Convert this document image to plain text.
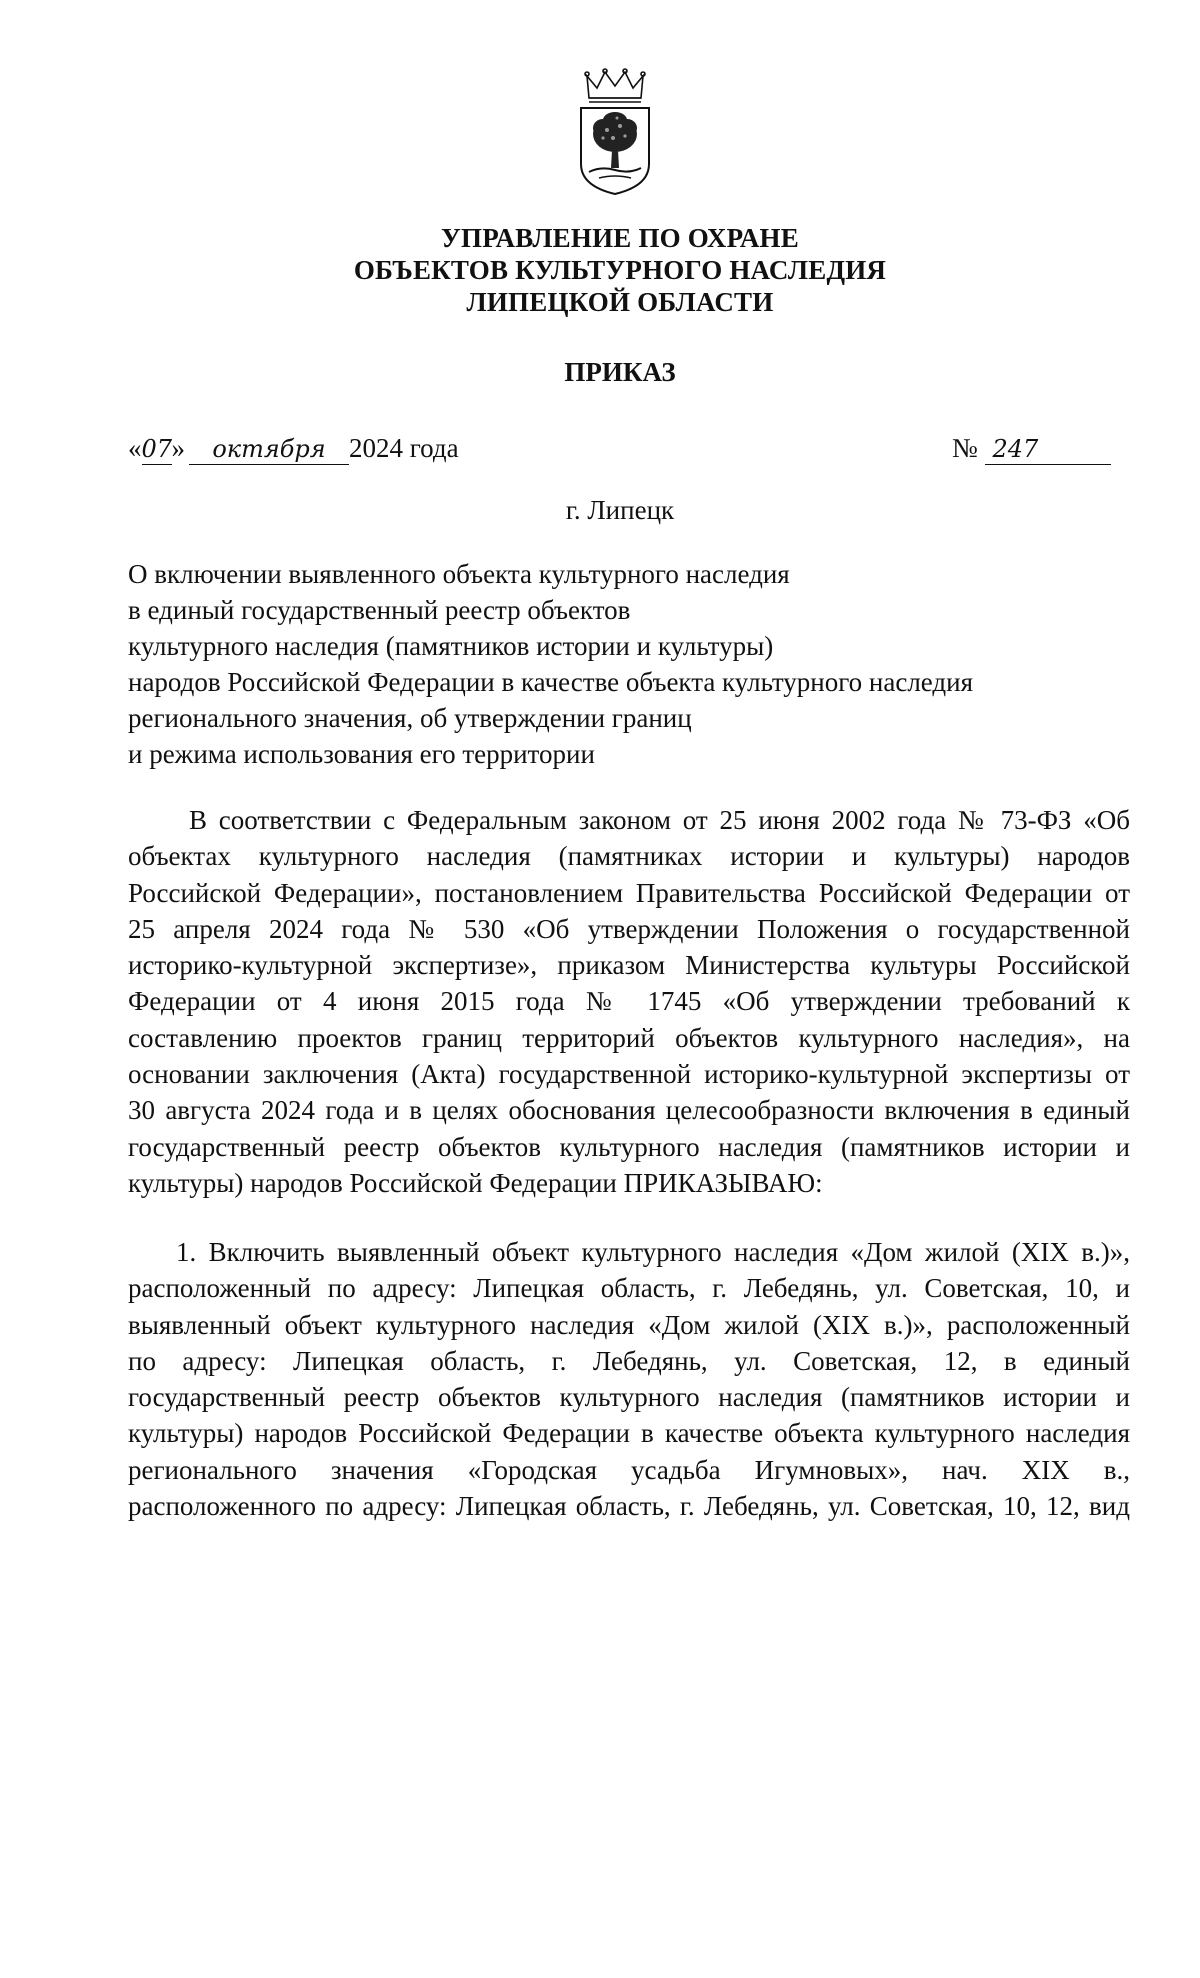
УПРАВЛЕНИЕ ПО ОХРАНЕ
ОБЪЕКТОВ КУЛЬТУРНОГО НАСЛЕДИЯ
ЛИПЕЦКОЙ ОБЛАСТИ
ПРИКАЗ
«07» октября 2024 года	№ 247
г. Липецк
О включении выявленного объекта культурного наследия
в единый государственный реестр объектов
культурного наследия (памятников истории и культуры)
народов Российской Федерации в качестве объекта культурного наследия
регионального значения, об утверждении границ
и режима использования его территории

В соответствии с Федеральным законом от 25 июня 2002 года № 73-ФЗ «Об
объектах культурного наследия (памятниках истории и культуры) народов
Российской Федерации», постановлением Правительства Российской Федерации от
25 апреля 2024 года № 530 «Об утверждении Положения о государственной
историко-культурной экспертизе», приказом Министерства культуры Российской
Федерации от 4 июня 2015 года № 1745 «Об утверждении требований к
составлению проектов границ территорий объектов культурного наследия», на
основании заключения (Акта) государственной историко-культурной экспертизы от
30 августа 2024 года и в целях обоснования целесообразности включения в единый
государственный реестр объектов культурного наследия (памятников истории и
культуры) народов Российской Федерации ПРИКАЗЫВАЮ:

1. Включить выявленный объект культурного наследия «Дом жилой (XIX в.)»,
расположенный по адресу: Липецкая область, г. Лебедянь, ул. Советская, 10, и
выявленный объект культурного наследия «Дом жилой (XIX в.)», расположенный
по адресу: Липецкая область, г. Лебедянь, ул. Советская, 12, в единый
государственный реестр объектов культурного наследия (памятников истории и
культуры) народов Российской Федерации в качестве объекта культурного наследия
регионального значения «Городская усадьба Игумновых», нач. XIX в.,
расположенного по адресу: Липецкая область, г. Лебедянь, ул. Советская, 10, 12, вид
